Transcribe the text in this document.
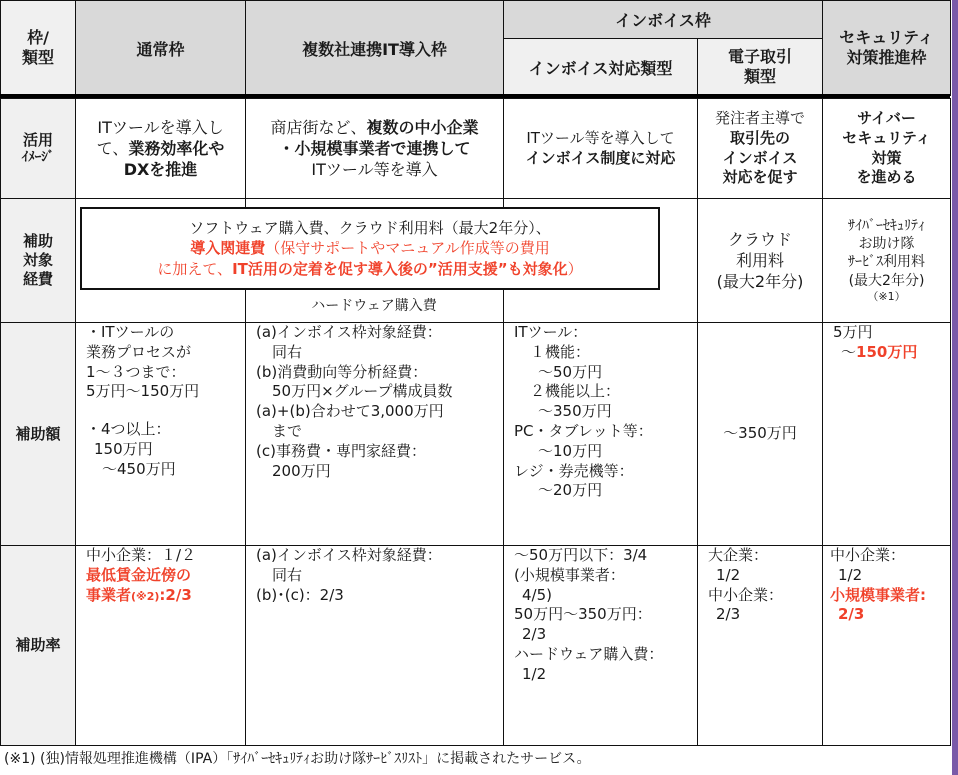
枠/
類型	通常枠	複数社連携IT導入枠
インボイス枠
インボイス対応類型
電子取引
類型
セキュリティ
対策推進枠
活用
ｲﾒｰｼﾞ
ITツールを導入し
て、業務効率化や
DXを推進
商店街など、複数の中小企業
・小規模事業者で連携して
ITツール等を導入
ITツール等を導入して
インボイス制度に対応
発注者主導で
取引先の
インボイス
対応を促す
サイバー
セキュリティ
対策
を進める
補助
対象
経費
クラウド
利用料
(最大2年分)
ｻｲﾊﾞｰｾｷｭﾘﾃｨ
お助け隊
ｻｰﾋﾞｽ利用料
(最大2年分)
（※1）
ソフトウェア購入費、クラウド利用料（最大2年分）、
導入関連費（保守サポートやマニュアル作成等の費用
に加えて、IT活用の定着を促す導入後の”活用支援”も対象化）
ハードウェア購入費
補助額
・ITツールの
業務プロセスが
1～３つまで：
5万円～150万円
・4つ以上：
150万円
～450万円
(a)インボイス枠対象経費：
同右
(b)消費動向等分析経費：
50万円×グループ構成員数
(a)+(b)合わせて3,000万円
まで
(c)事務費・専門家経費：
200万円
ITツール：
１機能：
～50万円
２機能以上：
～350万円
PC・タブレット等：
～10万円
レジ・券売機等：
～20万円
～350万円
5万円
～150万円
補助率
中小企業：１/２
最低賃金近傍の
事業者(※2):2/3
(a)インボイス枠対象経費：
同右
(b)･(c)：2/3
～50万円以下：3/4
(小規模事業者：
4/5)
50万円～350万円：
2/3
ハードウェア購入費：
1/2
大企業：
1/2
中小企業：
2/3
中小企業：
1/2
小規模事業者:
2/3
(※1) (独)情報処理推進機構（IPA）「ｻｲﾊﾞｰｾｷｭﾘﾃｨお助け隊ｻｰﾋﾞｽﾘｽﾄ」に掲載されたサービス。
